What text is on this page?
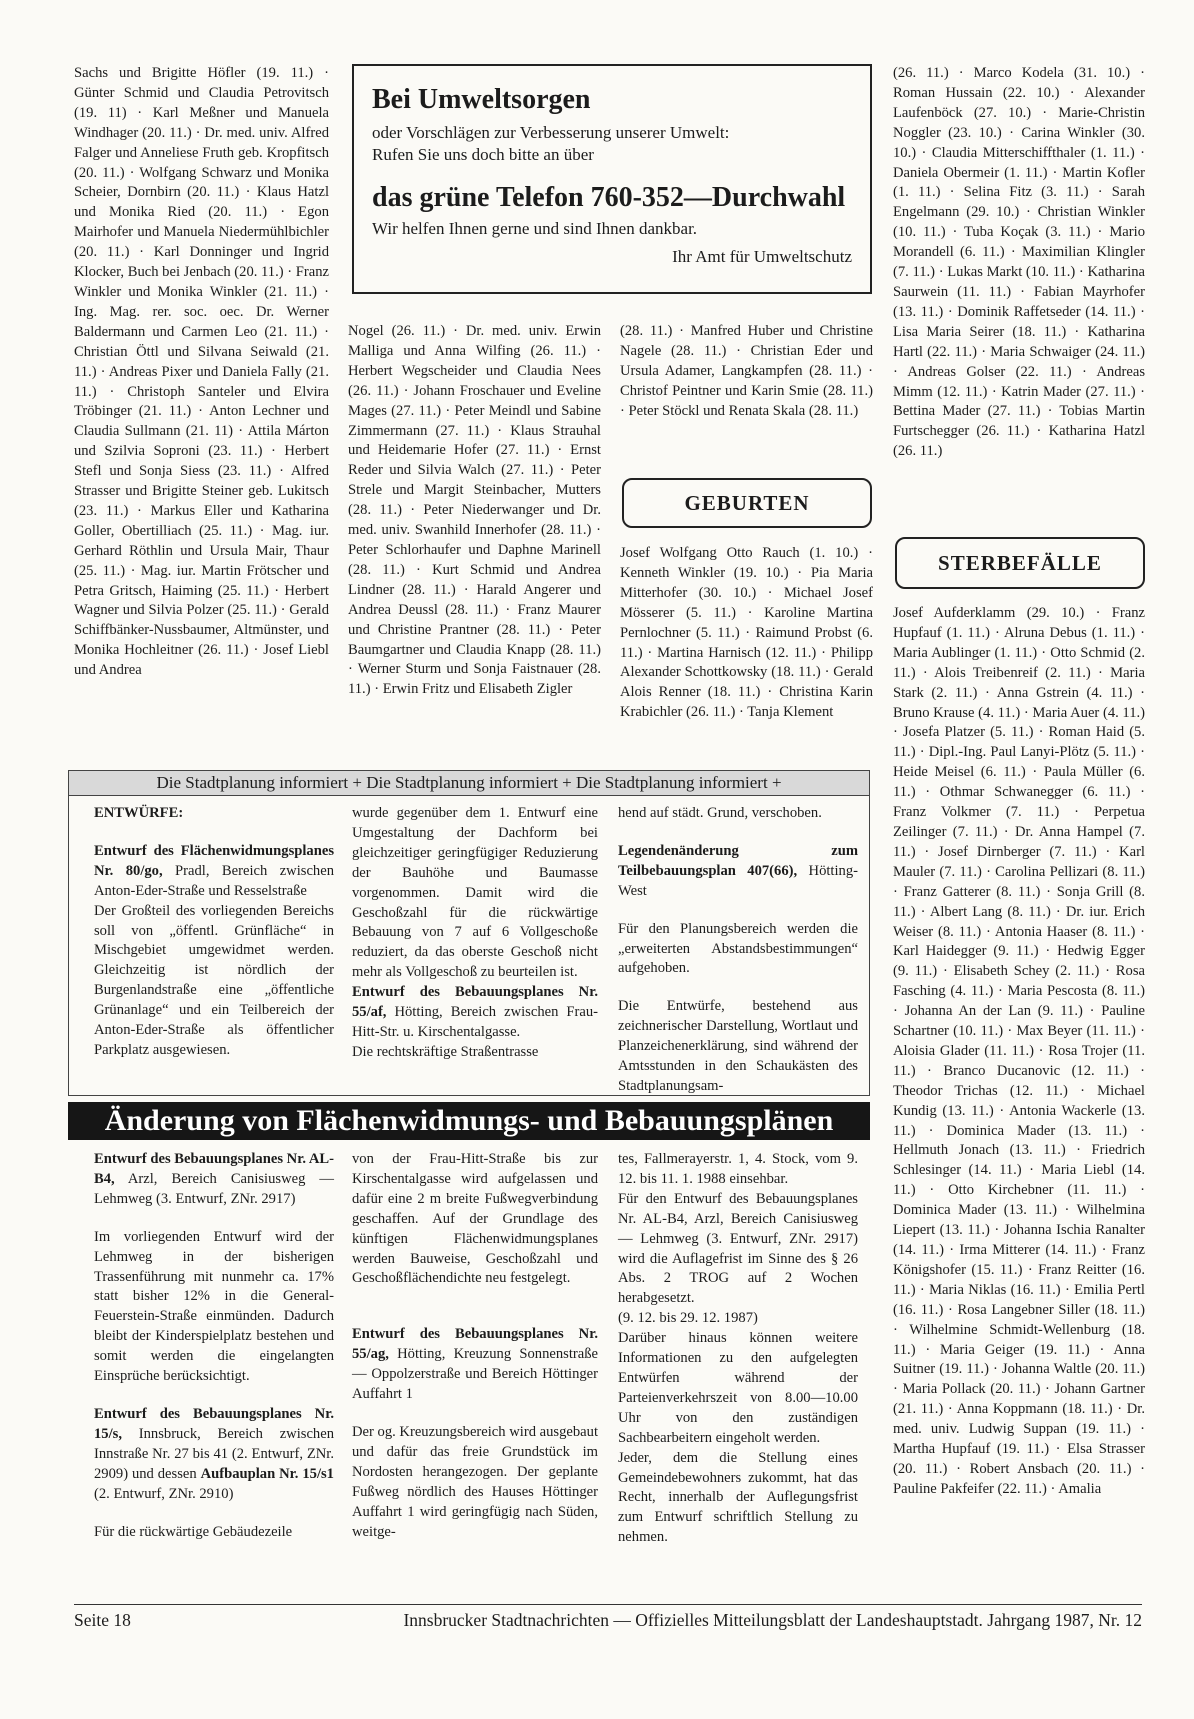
Sachs und Brigitte Höfler (19. 11.) · Günter Schmid und Claudia Petrovitsch (19. 11) · Karl Meßner und Manuela Windhager (20. 11.) · Dr. med. univ. Alfred Falger und Anneliese Fruth geb. Kropfitsch (20. 11.) · Wolfgang Schwarz und Monika Scheier, Dornbirn (20. 11.) · Klaus Hatzl und Monika Ried (20. 11.) · Egon Mairhofer und Manuela Niedermühlbichler (20. 11.) · Karl Donninger und Ingrid Klocker, Buch bei Jenbach (20. 11.) · Franz Winkler und Monika Winkler (21. 11.) · Ing. Mag. rer. soc. oec. Dr. Werner Baldermann und Carmen Leo (21. 11.) · Christian Öttl und Silvana Seiwald (21. 11.) · Andreas Pixer und Daniela Fally (21. 11.) · Christoph Santeler und Elvira Tröbinger (21. 11.) · Anton Lechner und Claudia Sullmann (21. 11) · Attila Márton und Szilvia Soproni (23. 11.) · Herbert Stefl und Sonja Siess (23. 11.) · Alfred Strasser und Brigitte Steiner geb. Lukitsch (23. 11.) · Markus Eller und Katharina Goller, Obertilliach (25. 11.) · Mag. iur. Gerhard Röthlin und Ursula Mair, Thaur (25. 11.) · Mag. iur. Martin Frötscher und Petra Gritsch, Haiming (25. 11.) · Herbert Wagner und Silvia Polzer (25. 11.) · Gerald Schiffbänker-Nussbaumer, Altmünster, und Monika Hochleitner (26. 11.) · Josef Liebl und Andrea

Bei Umweltsorgen

oder Vorschlägen zur Verbesserung unserer Umwelt:

Rufen Sie uns doch bitte an über

das grüne Telefon 760-352—Durchwahl

Wir helfen Ihnen gerne und sind Ihnen dankbar.

Ihr Amt für Umweltschutz

Nogel (26. 11.) · Dr. med. univ. Erwin Malliga und Anna Wilfing (26. 11.) · Herbert Wegscheider und Claudia Nees (26. 11.) · Johann Froschauer und Eveline Mages (27. 11.) · Peter Meindl und Sabine Zimmermann (27. 11.) · Klaus Strauhal und Heidemarie Hofer (27. 11.) · Ernst Reder und Silvia Walch (27. 11.) · Peter Strele und Margit Steinbacher, Mutters (28. 11.) · Peter Niederwanger und Dr. med. univ. Swanhild Innerhofer (28. 11.) · Peter Schlorhaufer und Daphne Marinell (28. 11.) · Kurt Schmid und Andrea Lindner (28. 11.) · Harald Angerer und Andrea Deussl (28. 11.) · Franz Maurer und Christine Prantner (28. 11.) · Peter Baumgartner und Claudia Knapp (28. 11.) · Werner Sturm und Sonja Faistnauer (28. 11.) · Erwin Fritz und Elisabeth Zigler

(28. 11.) · Manfred Huber und Christine Nagele (28. 11.) · Christian Eder und Ursula Adamer, Langkampfen (28. 11.) · Christof Peintner und Karin Smie (28. 11.) · Peter Stöckl und Renata Skala (28. 11.)

GEBURTEN

Josef Wolfgang Otto Rauch (1. 10.) · Kenneth Winkler (19. 10.) · Pia Maria Mitterhofer (30. 10.) · Michael Josef Mösserer (5. 11.) · Karoline Martina Pernlochner (5. 11.) · Raimund Probst (6. 11.) · Martina Harnisch (12. 11.) · Philipp Alexander Schottkowsky (18. 11.) · Gerald Alois Renner (18. 11.) · Christina Karin Krabichler (26. 11.) · Tanja Klement

(26. 11.) · Marco Kodela (31. 10.) · Roman Hussain (22. 10.) · Alexander Laufenböck (27. 10.) · Marie-Christin Noggler (23. 10.) · Carina Winkler (30. 10.) · Claudia Mitterschiffthaler (1. 11.) · Daniela Obermeir (1. 11.) · Martin Kofler (1. 11.) · Selina Fitz (3. 11.) · Sarah Engelmann (29. 10.) · Christian Winkler (10. 11.) · Tuba Koçak (3. 11.) · Mario Morandell (6. 11.) · Maximilian Klingler (7. 11.) · Lukas Markt (10. 11.) · Katharina Saurwein (11. 11.) · Fabian Mayrhofer (13. 11.) · Dominik Raffetseder (14. 11.) · Lisa Maria Seirer (18. 11.) · Katharina Hartl (22. 11.) · Maria Schwaiger (24. 11.) · Andreas Golser (22. 11.) · Andreas Mimm (12. 11.) · Katrin Mader (27. 11.) · Bettina Mader (27. 11.) · Tobias Martin Furtschegger (26. 11.) · Katharina Hatzl (26. 11.)

STERBEFÄLLE

Josef Aufderklamm (29. 10.) · Franz Hupfauf (1. 11.) · Alruna Debus (1. 11.) · Maria Aublinger (1. 11.) · Otto Schmid (2. 11.) · Alois Treibenreif (2. 11.) · Maria Stark (2. 11.) · Anna Gstrein (4. 11.) · Bruno Krause (4. 11.) · Maria Auer (4. 11.) · Josefa Platzer (5. 11.) · Roman Haid (5. 11.) · Dipl.-Ing. Paul Lanyi-Plötz (5. 11.) · Heide Meisel (6. 11.) · Paula Müller (6. 11.) · Othmar Schwanegger (6. 11.) · Franz Volkmer (7. 11.) · Perpetua Zeilinger (7. 11.) · Dr. Anna Hampel (7. 11.) · Josef Dirnberger (7. 11.) · Karl Mauler (7. 11.) · Carolina Pellizari (8. 11.) · Franz Gatterer (8. 11.) · Sonja Grill (8. 11.) · Albert Lang (8. 11.) · Dr. iur. Erich Weiser (8. 11.) · Antonia Haaser (8. 11.) · Karl Haidegger (9. 11.) · Hedwig Egger (9. 11.) · Elisabeth Schey (2. 11.) · Rosa Fasching (4. 11.) · Maria Pescosta (8. 11.) · Johanna An der Lan (9. 11.) · Pauline Schartner (10. 11.) · Max Beyer (11. 11.) · Aloisia Glader (11. 11.) · Rosa Trojer (11. 11.) · Branco Ducanovic (12. 11.) · Theodor Trichas (12. 11.) · Michael Kundig (13. 11.) · Antonia Wackerle (13. 11.) · Dominica Mader (13. 11.) · Hellmuth Jonach (13. 11.) · Friedrich Schlesinger (14. 11.) · Maria Liebl (14. 11.) · Otto Kirchebner (11. 11.) · Dominica Mader (13. 11.) · Wilhelmina Liepert (13. 11.) · Johanna Ischia Ranalter (14. 11.) · Irma Mitterer (14. 11.) · Franz Königshofer (15. 11.) · Franz Reitter (16. 11.) · Maria Niklas (16. 11.) · Emilia Pertl (16. 11.) · Rosa Langebner Siller (18. 11.) · Wilhelmine Schmidt-Wellenburg (18. 11.) · Maria Geiger (19. 11.) · Anna Suitner (19. 11.) · Johanna Waltle (20. 11.) · Maria Pollack (20. 11.) · Johann Gartner (21. 11.) · Anna Koppmann (18. 11.) · Dr. med. univ. Ludwig Suppan (19. 11.) · Martha Hupfauf (19. 11.) · Elsa Strasser (20. 11.) · Robert Ansbach (20. 11.) · Pauline Pakfeifer (22. 11.) · Amalia

Die Stadtplanung informiert + Die Stadtplanung informiert + Die Stadtplanung informiert +

ENTWÜRFE:

Entwurf des Flächenwidmungsplanes Nr. 80/go, Pradl, Bereich zwischen Anton-Eder-Straße und Resselstraße

Der Großteil des vorliegenden Bereichs soll von „öffentl. Grünfläche“ in Mischgebiet umgewidmet werden. Gleichzeitig ist nördlich der Burgenlandstraße eine „öffentliche Grünanlage“ und ein Teilbereich der Anton-Eder-Straße als öffentlicher Parkplatz ausgewiesen.

wurde gegenüber dem 1. Entwurf eine Umgestaltung der Dachform bei gleichzeitiger geringfügiger Reduzierung der Bauhöhe und Baumasse vorgenommen. Damit wird die Geschoßzahl für die rückwärtige Bebauung von 7 auf 6 Vollgeschoße reduziert, da das oberste Geschoß nicht mehr als Vollgeschoß zu beurteilen ist.

Entwurf des Bebauungsplanes Nr. 55/af, Hötting, Bereich zwischen Frau-Hitt-Str. u. Kirschentalgasse.

Die rechtskräftige Straßentrasse

hend auf städt. Grund, verschoben.

Legendenänderung zum Teilbebauungsplan 407(66), Hötting-West

Für den Planungsbereich werden die „erweiterten Abstandsbestimmungen“ aufgehoben.

Die Entwürfe, bestehend aus zeichnerischer Darstellung, Wortlaut und Planzeichenerklärung, sind während der Amtsstunden in den Schaukästen des Stadtplanungsam-

Änderung von Flächenwidmungs- und Bebauungsplänen

Entwurf des Bebauungsplanes Nr. AL-B4, Arzl, Bereich Canisiusweg — Lehmweg (3. Entwurf, ZNr. 2917)

Im vorliegenden Entwurf wird der Lehmweg in der bisherigen Trassenführung mit nunmehr ca. 17% statt bisher 12% in die General-Feuerstein-Straße einmünden. Dadurch bleibt der Kinderspielplatz bestehen und somit werden die eingelangten Einsprüche berücksichtigt.

Entwurf des Bebauungsplanes Nr. 15/s, Innsbruck, Bereich zwischen Innstraße Nr. 27 bis 41 (2. Entwurf, ZNr. 2909) und dessen Aufbauplan Nr. 15/s1 (2. Entwurf, ZNr. 2910)

Für die rückwärtige Gebäudezeile

von der Frau-Hitt-Straße bis zur Kirschentalgasse wird aufgelassen und dafür eine 2 m breite Fußwegverbindung geschaffen. Auf der Grundlage des künftigen Flächenwidmungsplanes werden Bauweise, Geschoßzahl und Geschoßflächendichte neu festgelegt.

Entwurf des Bebauungsplanes Nr. 55/ag, Hötting, Kreuzung Sonnenstraße — Oppolzerstraße und Bereich Höttinger Auffahrt 1

Der og. Kreuzungsbereich wird ausgebaut und dafür das freie Grundstück im Nordosten herangezogen. Der geplante Fußweg nördlich des Hauses Höttinger Auffahrt 1 wird geringfügig nach Süden, weitge-

tes, Fallmerayerstr. 1, 4. Stock, vom 9. 12. bis 11. 1. 1988 einsehbar.

Für den Entwurf des Bebauungsplanes Nr. AL-B4, Arzl, Bereich Canisiusweg — Lehmweg (3. Entwurf, ZNr. 2917) wird die Auflagefrist im Sinne des § 26 Abs. 2 TROG auf 2 Wochen herabgesetzt.

(9. 12. bis 29. 12. 1987)

Darüber hinaus können weitere Informationen zu den aufgelegten Entwürfen während der Parteienverkehrszeit von 8.00—10.00 Uhr von den zuständigen Sachbearbeitern eingeholt werden.

Jeder, dem die Stellung eines Gemeindebewohners zukommt, hat das Recht, innerhalb der Auflegungsfrist zum Entwurf schriftlich Stellung zu nehmen.

Seite 18	Innsbrucker Stadtnachrichten — Offizielles Mitteilungsblatt der Landeshauptstadt. Jahrgang 1987, Nr. 12
